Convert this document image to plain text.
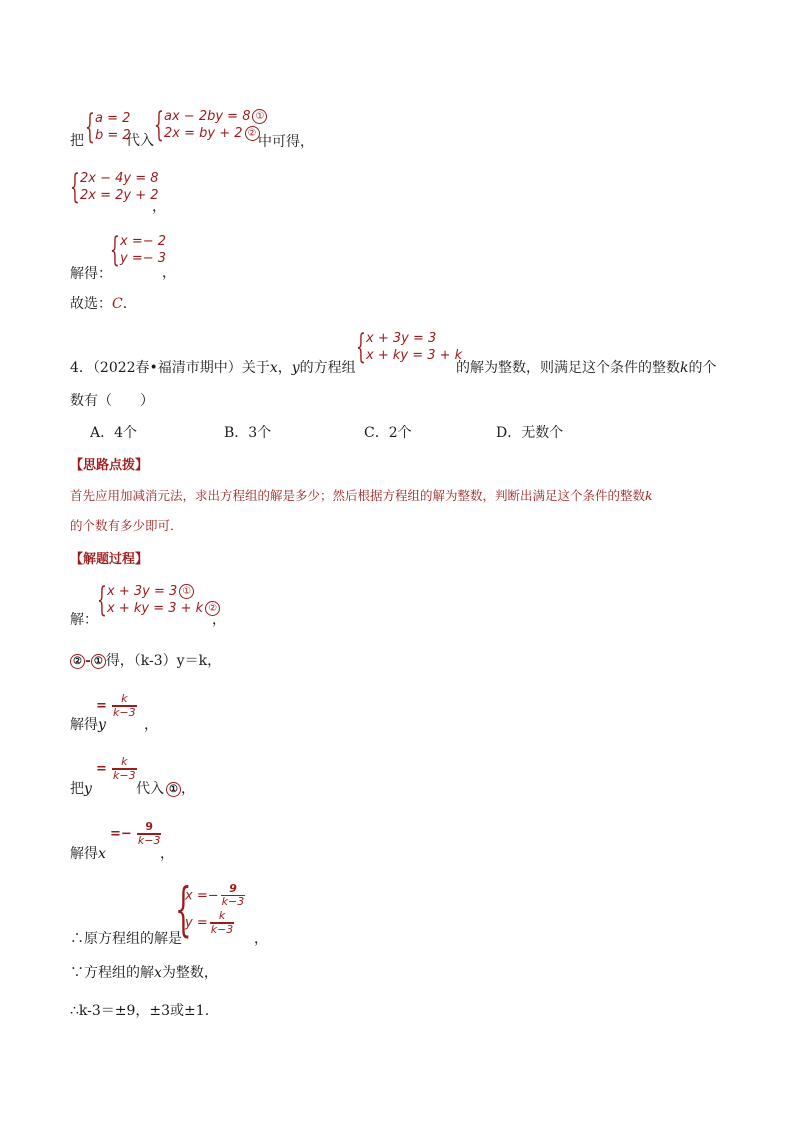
把 { a = 2
b = 2
代入 { ax − 2by = 8 ①
2x = by + 2 ②
中可得，
{ 2x − 4y = 8
2x = 2y + 2
，
解得：
{ x =− 2
y =− 3
，
故选：C.
4．（2022春•福清市期中）关于x，y的方程组
{ x + 3y = 3
x + ky = 3 + k
的解为整数，则满足这个条件的整数k的个
数有（　　）
A．4个	B．3个	C．2个	D．无数个
【思路点拨】
首先应用加减消元法，求出方程组的解是多少；然后根据方程组的解为整数，判断出满足这个条件的整数k
的个数有多少即可．
【解题过程】
解： { x + 3y = 3 ①
x + ky = 3 + k ②
，
② - ① 得，（k-3）y＝k，
解得y
= $\frac{k}{k-3}$
，
把y
= $\frac{k}{k-3}$
代入 ① ，
解得x
=− $\frac{9}{k-3}$
，
∴原方程组的解是
{
$x =- \frac{9}{k-3}$
$y = \frac{k}{k-3}$
，
∵方程组的解x为整数，
∴k-3＝±9，±3或±1.
